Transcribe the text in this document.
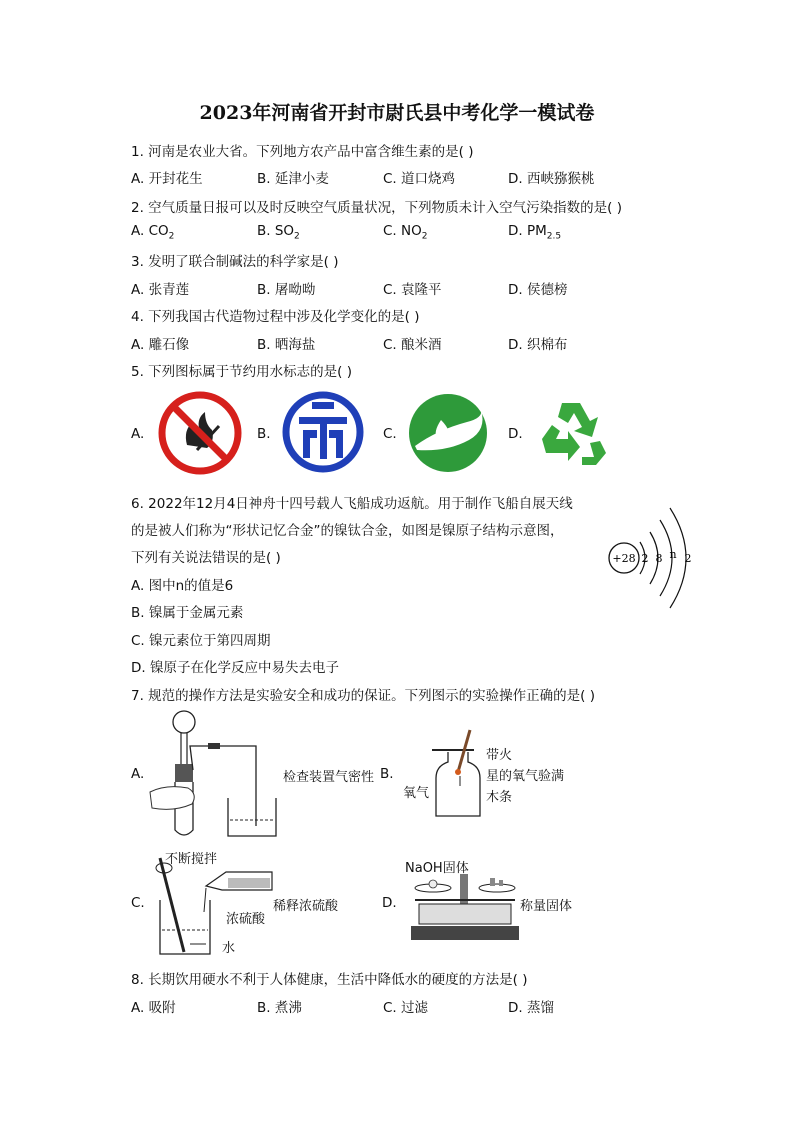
2023年河南省开封市尉氏县中考化学一模试卷
1. 河南是农业大省。下列地方农产品中富含维生素的是( )
A. 开封花生	B. 延津小麦	C. 道口烧鸡	D. 西峡猕猴桃
2. 空气质量日报可以及时反映空气质量状况，下列物质未计入空气污染指数的是( )
A. $CO_2$	B. $SO_2$	C. $NO_2$	D. $PM_{2.5}$
3. 发明了联合制碱法的科学家是( )
A. 张青莲	B. 屠呦呦	C. 袁隆平	D. 侯德榜
4. 下列我国古代造物过程中涉及化学变化的是( )
A. 雕石像	B. 晒海盐	C. 酿米酒	D. 织棉布
5. 下列图标属于节约用水标志的是( )
A.	B.	C.	D.
6. 2022年12月4日神舟十四号载人飞船成功返航。用于制作飞船自展天线
的是被人们称为“形状记忆合金”的镍钛合金，如图是镍原子结构示意图，
下列有关说法错误的是( )
A. 图中n的值是6
B. 镍属于金属元素
C. 镍元素位于第四周期
D. 镍原子在化学反应中易失去电子
+28 2 8 n 2
7. 规范的操作方法是实验安全和成功的保证。下列图示的实验操作正确的是( )
A.
C.	D.
检查装置气密性 B.
带火
星的氧气验满
木条
氧气
不断搅拌
浓硫酸
水
稀释浓硫酸
NaOH固体
称量固体
8. 长期饮用硬水不利于人体健康，生活中降低水的硬度的方法是( )
A. 吸附	B. 煮沸	C. 过滤	D. 蒸馏
